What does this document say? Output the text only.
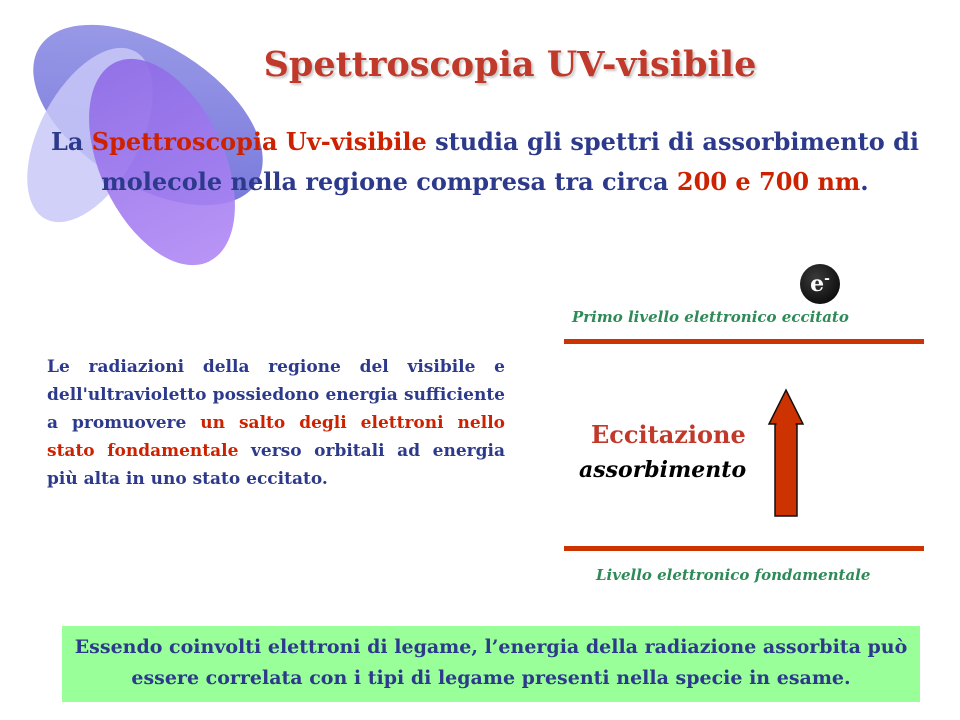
Spettroscopia UV-visibile
La Spettroscopia Uv-visibile studia gli spettri di assorbimento di molecole nella regione compresa tra circa 200 e 700 nm.
Le radiazioni della regione del visibile e dell'ultravioletto possiedono energia sufficiente a promuovere un salto degli elettroni nello stato fondamentale verso orbitali ad energia più alta in uno stato eccitato.
e-
Primo livello elettronico eccitato
Eccitazione
assorbimento
Livello elettronico fondamentale
Essendo coinvolti elettroni di legame, l’energia della radiazione assorbita può essere correlata con i tipi di legame presenti nella specie in esame.
